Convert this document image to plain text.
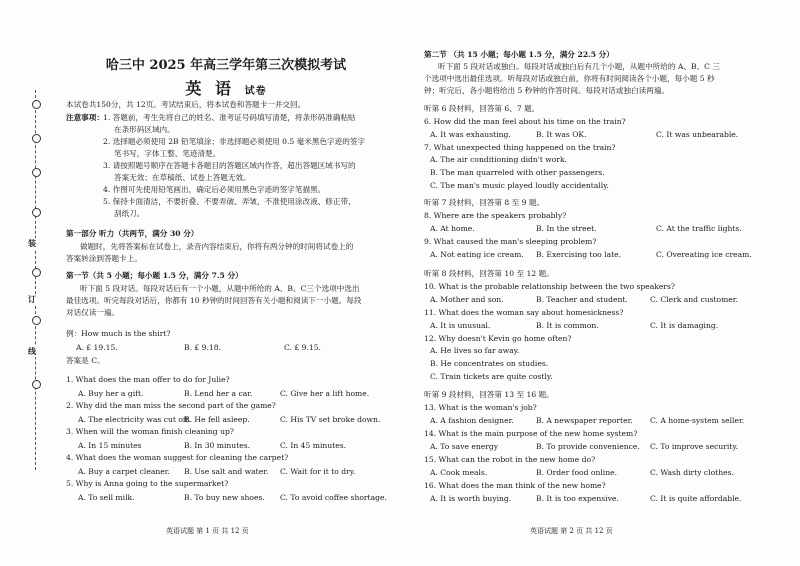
装
订
线
哈三中 2025 年高三学年第三次模拟考试
英 语 试卷
本试卷共150分，共 12页。考试结束后，将本试卷和答题卡一并交回。
注意事项： 1. 答题前，考生先将自己的姓名、准考证号码填写清楚，将条形码准确粘贴
在条形码区域内。
2. 选择题必须使用 2B 铅笔填涂；非选择题必须使用 0.5 毫米黑色字迹的签字
笔书写，字体工整、笔迹清楚。
3. 请按照题号顺序在答题卡各题目的答题区域内作答，超出答题区域书写的
答案无效；在草稿纸、试卷上答题无效。
4. 作图可先使用铅笔画出，确定后必须用黑色字迹的签字笔描黑。
5. 保持卡面清洁，不要折叠、不要弄破、弄皱，不准使用涂改液、修正带、
刮纸刀。
第一部分 听力（共两节，满分 30 分）
做题时，先将答案标在试卷上，录音内容结束后，你将有两分钟的时间将试卷上的
答案转涂到答题卡上。
第一节（共 5 小题；每小题 1.5 分，满分 7.5 分）
听下面 5 段对话。每段对话后有一个小题，从题中所给的 A、B、C三个选项中选出
最佳选项。听完每段对话后，你都有 10 秒钟的时间回答有关小题和阅读下一小题。每段
对话仅读一遍。
例：How much is the shirt?
A. £ 19.15.	B. £ 9.18.	C. £ 9.15.
答案是 C。
1. What does the man offer to do for Julie?
A. Buy her a gift.	B. Lend her a car.	C. Give her a lift home.
2. Why did the man miss the second part of the game?
A. The electricity was cut off.
B. He fell asleep.	C. His TV set broke down.
3. When will the woman finish cleaning up?
A. In 15 minutes	B. In 30 minutes.	C. In 45 minutes.
4. What does the woman suggest for cleaning the carpet?
A. Buy a carpet cleaner. B. Use salt and water. C. Wait for it to dry.
5. Why is Anna going to the supermarket?
A. To sell milk.	B. To buy new shoes. C. To avoid coffee shortage.
英语试题 第 1 页 共 12 页
第二节 （共 15 小题；每小题 1.5 分，满分 22.5 分）
听下面 5 段对话或独白。每段对话或独白后有几个小题，从题中所给的 A、B、C 三
个选项中选出最佳选项。听每段对话或独白前，你将有时间阅读各个小题，每小题 5 秒
钟；听完后，各小题将给出 5 秒钟的作答时间。每段对话或独白读两遍。
听第 6 段材料，回答第 6、7 题。
6. How did the man feel about his time on the train?
A. It was exhausting.	B. It was OK.	C. It was unbearable.
7. What unexpected thing happened on the train?
A. The air conditioning didn't work.
B. The man quarreled with other passengers.
C. The man's music played loudly accidentally.
听第 7 段材料，回答第 8 至 9 题。
8. Where are the speakers probably?
A. At home.	B. In the street.	C. At the traffic lights.
9. What caused the man's sleeping problem?
A. Not eating ice cream. B. Exercising too late.	C. Overeating ice cream.
听第 8 段材料，回答第 10 至 12 题。
10. What is the probable relationship between the two speakers?
A. Mother and son.	B. Teacher and student.	C. Clerk and customer.
11. What does the woman say about homesickness?
A. It is unusual.	B. It is common.	C. It is damaging.
12. Why doesn't Kevin go home often?
A. He lives so far away.
B. He concentrates on studies.
C. Train tickets are quite costly.
听第 9 段材料，回答第 13 至 16 题。
13. What is the woman's job?
A. A fashion designer.	B. A newspaper reporter. C. A home-system seller.
14. What is the main purpose of the new home system?
A. To save energy	B. To provide convenience. C. To improve security.
15. What can the robot in the new home do?
A. Cook meals.	B. Order food online.	C. Wash dirty clothes.
16. What does the man think of the new home?
A. It is worth buying.	B. It is too expensive.	C. It is quite affordable.
英语试题 第 2 页 共 12 页
